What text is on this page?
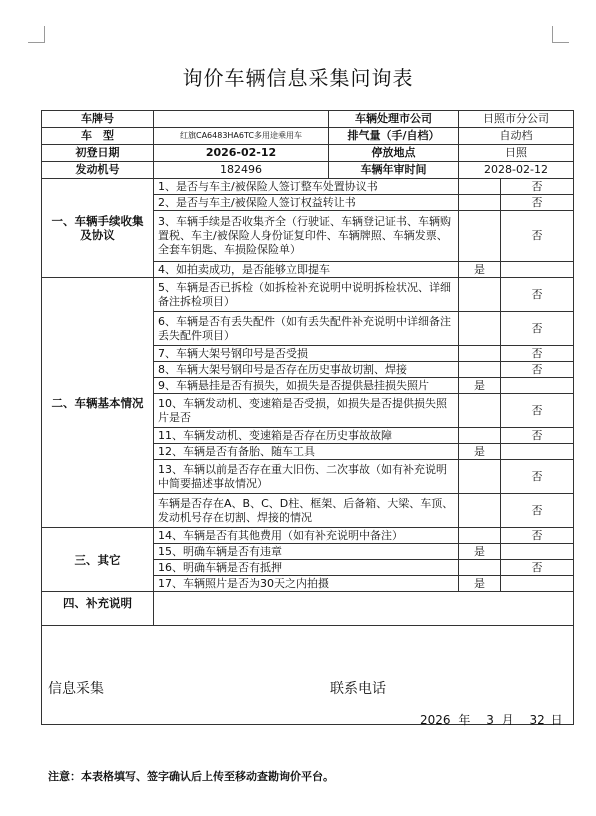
询价车辆信息采集问询表
车牌号		车辆处理市公司	日照市分公司	
车　型	红旗CA6483HA6TC多用途乘用车	排气量（手/自档）	自动档	
初登日期	2026-02-12	停放地点	日照	
发动机号	182496	车辆年审时间	2028-02-12	
一、车辆手续收集及协议	1、是否与车主/被保险人签订整车处置协议书			否
	2、是否与车主/被保险人签订权益转让书			否
	3、车辆手续是否收集齐全（行驶证、车辆登记证书、车辆购置税、车主/被保险人身份证复印件、车辆牌照、车辆发票、全套车钥匙、车损险保险单）			否
	4、如拍卖成功，是否能够立即提车		是	
二、车辆基本情况	5、车辆是否已拆检（如拆检补充说明中说明拆检状况、详细备注拆检项目）			否
	6、车辆是否有丢失配件（如有丢失配件补充说明中详细备注丢失配件项目）			否
	7、车辆大架号钢印号是否受损			否
	8、车辆大架号钢印号是否存在历史事故切割、焊接			否
	9、车辆悬挂是否有损失，如损失是否提供悬挂损失照片		是	
	10、车辆发动机、变速箱是否受损，如损失是否提供损失照片是否			否
	11、车辆发动机、变速箱是否存在历史事故故障			否
	12、车辆是否有备胎、随车工具		是	
	13、车辆以前是否存在重大旧伤、二次事故（如有补充说明中简要描述事故情况）			否
	车辆是否存在A、B、C、D柱、框架、后备箱、大梁、车顶、发动机号存在切割、焊接的情况			否
三、其它	14、车辆是否有其他费用（如有补充说明中备注）			否
	15、明确车辆是否有违章		是	
	16、明确车辆是否有抵押			否
	17、车辆照片是否为30天之内拍摄		是	
四、补充说明				

信息采集	联系电话
2026 年 3 月 32 日
注意：本表格填写、签字确认后上传至移动查勘询价平台。
